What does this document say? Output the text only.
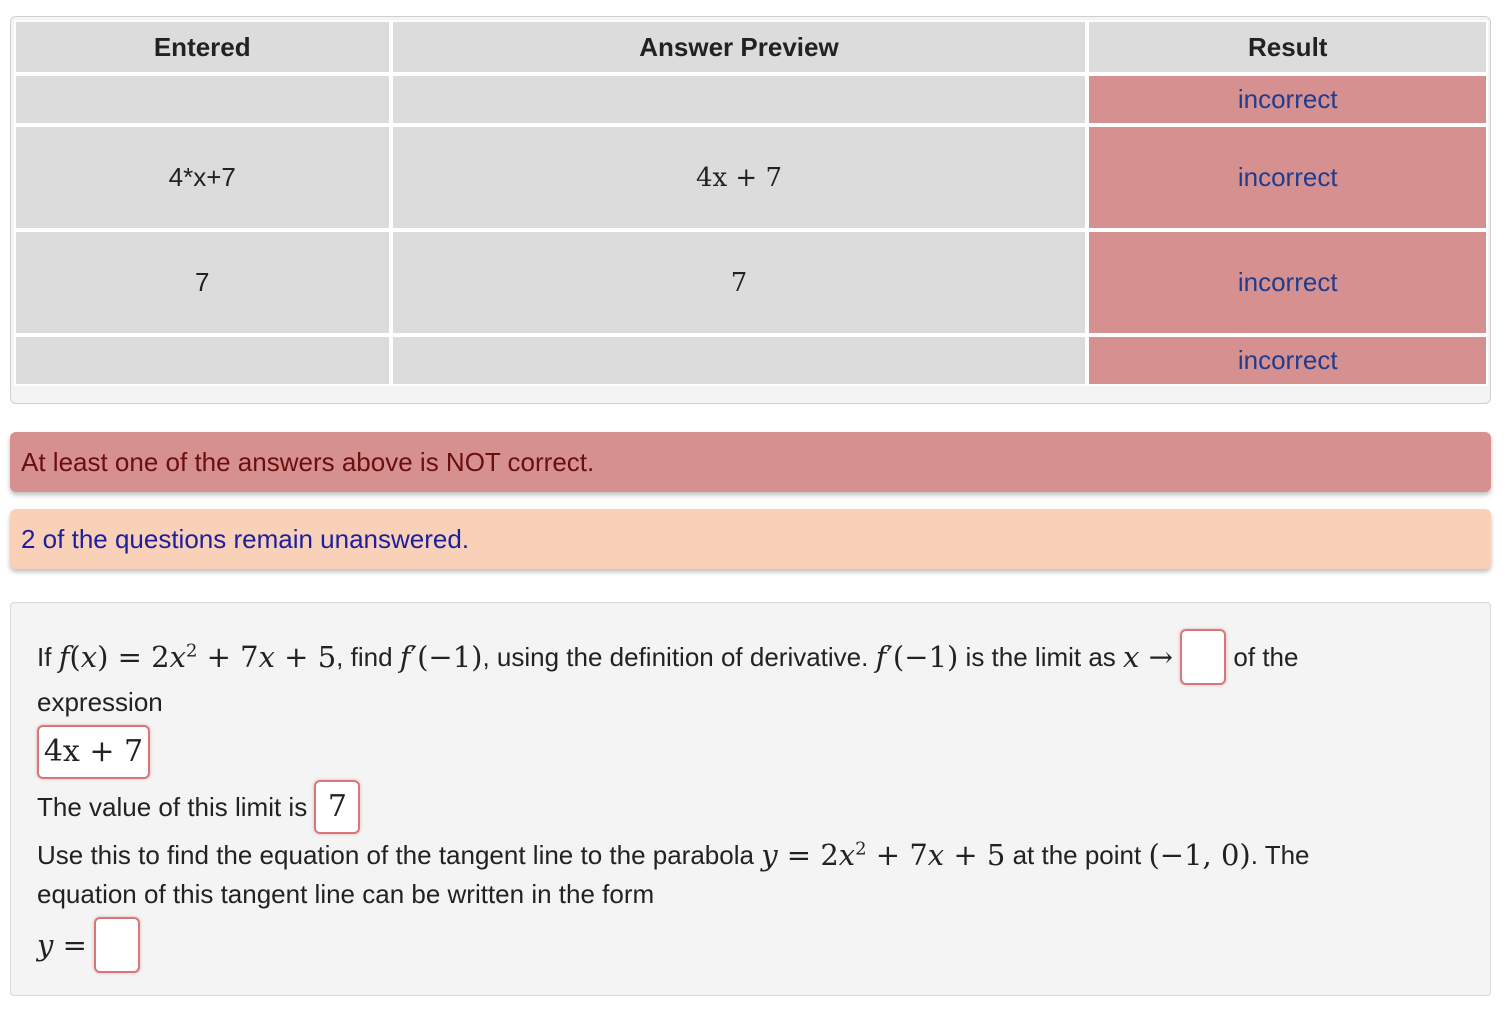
Entered	Answer Preview	Result
		incorrect
4*x+7	4x + 7	incorrect
7	7	incorrect
		incorrect
At least one of the answers above is NOT correct.
2 of the questions remain unanswered.
If
$f(x) = 2x^2 + 7x + 5$ , find
f′(−1) , using the definition of derivative.
f′(−1)
is the limit as
x →

of the
expression
4x + 7
The value of this limit is
7
Use this to find the equation of the tangent line to the parabola
$y = 2x^2 + 7x + 5$
at the point
(−1, 0) . The
equation of this tangent line can be written in the form
y =
